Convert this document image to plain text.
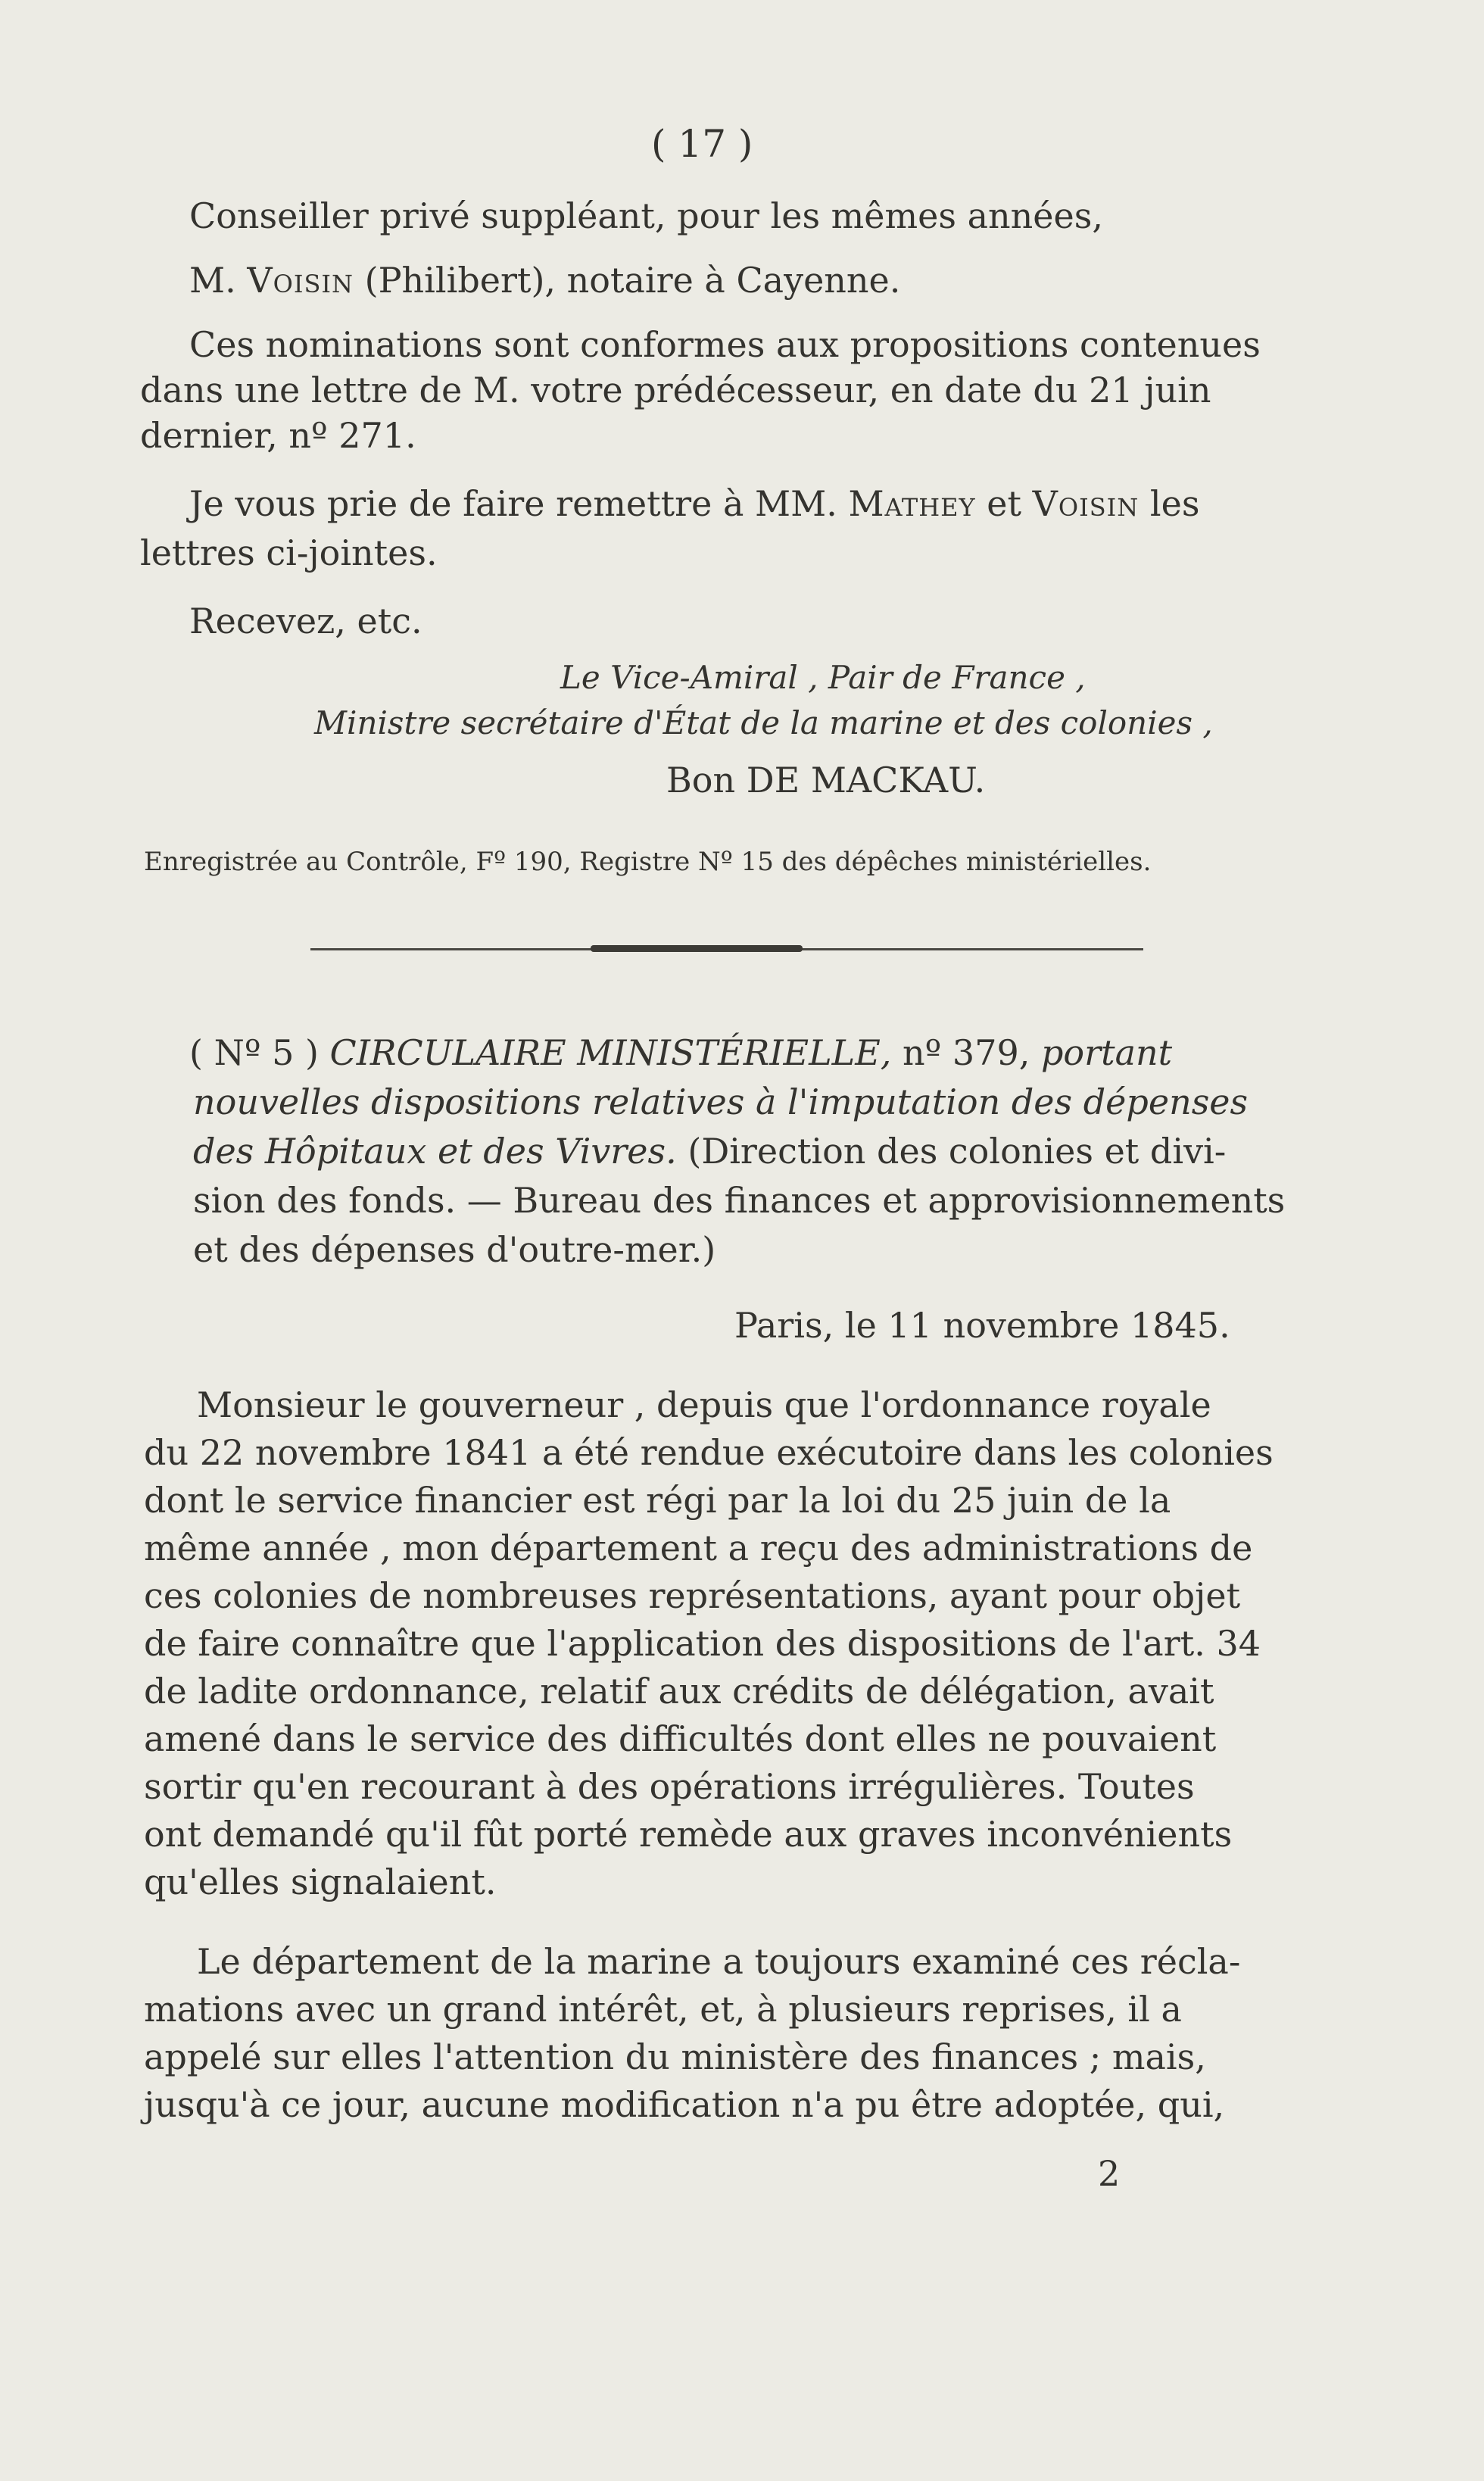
( 17 )
Conseiller privé suppléant, pour les mêmes années,
M. Voisin (Philibert), notaire à Cayenne.
Ces nominations sont conformes aux propositions contenues
dans une lettre de M. votre prédécesseur, en date du 21 juin
dernier, nº 271.
Je vous prie de faire remettre à MM. Mathey et Voisin les
lettres ci-jointes.
Recevez, etc.
Le Vice-Amiral , Pair de France ,
Ministre secrétaire d'État de la marine et des colonies ,
Bon DE MACKAU.
Enregistrée au Contrôle, Fº 190, Registre Nº 15 des dépêches ministérielles.
( Nº 5 ) CIRCULAIRE MINISTÉRIELLE, nº 379, portant
nouvelles dispositions relatives à l'imputation des dépenses
des Hôpitaux et des Vivres. (Direction des colonies et divi-
sion des fonds. — Bureau des finances et approvisionnements
et des dépenses d'outre-mer.)
Paris, le 11 novembre 1845.
Monsieur le gouverneur , depuis que l'ordonnance royale
du 22 novembre 1841 a été rendue exécutoire dans les colonies
dont le service financier est régi par la loi du 25 juin de la
même année , mon département a reçu des administrations de
ces colonies de nombreuses représentations, ayant pour objet
de faire connaître que l'application des dispositions de l'art. 34
de ladite ordonnance, relatif aux crédits de délégation, avait
amené dans le service des difficultés dont elles ne pouvaient
sortir qu'en recourant à des opérations irrégulières. Toutes
ont demandé qu'il fût porté remède aux graves inconvénients
qu'elles signalaient.
Le département de la marine a toujours examiné ces récla-
mations avec un grand intérêt, et, à plusieurs reprises, il a
appelé sur elles l'attention du ministère des finances ; mais,
jusqu'à ce jour, aucune modification n'a pu être adoptée, qui,
2
